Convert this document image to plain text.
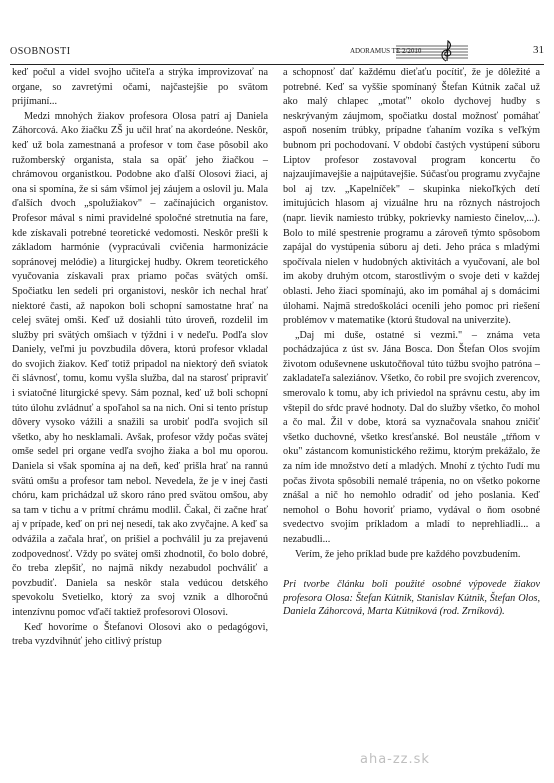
OSOBNOSTI	ADORAMUS TE 2/2010	31

keď počul a videl svojho učiteľa a strýka improvizovať na organe, so zavretými očami, najčastejšie po svätom prijímaní...

Medzi mnohých žiakov profesora Olosa patrí aj Daniela Záhorcová. Ako žiačku ZŠ ju učil hrať na akordeóne. Neskôr, keď už bola zamestnaná a profesor v tom čase pôsobil ako ružomberský organista, stala sa opäť jeho žiačkou – chrámovou organistkou. Podobne ako ďalší Olosovi žiaci, aj ona si spomína, že si sám všímol jej záujem a oslovil ju. Mala ďalších dvoch „spolužiakov" – začínajúcich organistov. Profesor mával s nimi pravidelné spoločné stretnutia na fare, kde získavali potrebné teoretické vedomosti. Neskôr prešli k základom harmónie (vypracúvali cvičenia harmonizácie sopránovej melódie) a liturgickej hudby. Okrem teoretického vyučovania získavali prax priamo počas svätých omší. Spočiatku len sedeli pri organistovi, neskôr ich nechal hrať niektoré časti, až napokon boli schopní samostatne hrať na celej svätej omši. Keď už dosiahli túto úroveň, rozdelil im služby pri svätých omšiach v týždni i v nedeľu. Podľa slov Daniely, veľmi ju povzbudila dôvera, ktorú profesor vkladal do svojich žiakov. Keď totiž pripadol na niektorý deň sviatok či slávnosť, tomu, komu vyšla služba, dal na starosť pripraviť i sviatočné liturgické spevy. Sám poznal, keď už boli schopní túto úlohu zvládnuť a spoľahol sa na nich. Oni si tento prístup dôvery vysoko vážili a snažili sa urobiť podľa svojich síl všetko, aby ho nesklamali. Avšak, profesor vždy počas svätej omše sedel pri organe vedľa svojho žiaka a bol mu oporou. Daniela si však spomína aj na deň, keď prišla hrať na rannú svätú omšu a profesor tam nebol. Nevedela, že je v inej časti chóru, kam prichádzal už skoro ráno pred svätou omšou, aby sa tam v tichu a v prítmí chrámu modlil. Čakal, či začne hrať aj v prípade, keď on pri nej nesedí, tak ako zvyčajne. A keď sa odvážila a začala hrať, on prišiel a pochválil ju za prejavenú zodpovednosť. Vždy po svätej omši zhodnotil, čo bolo dobré, čo treba zlepšiť, no najmä nikdy nezabudol pochváliť a povzbudiť. Daniela sa neskôr stala vedúcou detského spevokolu Svetielko, ktorý za svoj vznik a dlhoročnú intenzívnu pomoc vďačí taktiež profesorovi Olosovi.

Keď hovoríme o Štefanovi Olosovi ako o pedagógovi, treba vyzdvihnúť jeho citlivý prístup

a schopnosť dať každému dieťaťu pocítiť, že je dôležité a potrebné. Keď sa vyššie spomínaný Štefan Kútnik začal už ako malý chlapec „motať" okolo dychovej hudby s neskrývaným záujmom, spočiatku dostal možnosť pomáhať aspoň nosením trúbky, prípadne ťahaním vozíka s veľkým bubnom pri pochodovaní. V období častých vystúpení súboru Liptov profesor zostavoval program koncertu čo najzaujímavejšie a najpútavejšie. Súčasťou programu zvyčajne bol aj tzv. „Kapelníček" – skupinka niekoľkých detí imitujúcich hlasom aj vizuálne hru na rôznych nástrojoch (napr. lievik namiesto trúbky, pokrievky namiesto činelov,...). Bolo to milé spestrenie programu a zároveň týmto spôsobom zapájal do vystúpenia súboru aj deti. Jeho práca s mladými spočívala nielen v hudobných aktivitách a vyučovaní, ale bol im akoby druhým otcom, starostlivým o svoje deti v každej oblasti. Jeho žiaci spomínajú, ako im pomáhal aj s domácimi úlohami. Najmä stredoškoláci ocenili jeho pomoc pri riešení problémov v matematike (ktorú študoval na univerzite).

„Daj mi duše, ostatné si vezmi." – známa veta pochádzajúca z úst sv. Jána Bosca. Don Štefan Olos svojím životom oduševnene uskutočňoval túto túžbu svojho patróna – zakladateľa saleziánov. Všetko, čo robil pre svojich zverencov, smerovalo k tomu, aby ich priviedol na správnu cestu, aby im vštepil do sŕdc pravé hodnoty. Dal do služby všetko, čo mohol a čo mal. Žil v dobe, ktorá sa vyznačovala snahou zničiť všetko duchovné, všetko kresťanské. Bol neustále „tŕňom v oku" zástancom komunistického režimu, ktorým prekážalo, že za ním ide množstvo detí a mladých. Mnohí z týchto ľudí mu počas života spôsobili nemalé trápenia, no on všetko pokorne znášal a nič ho nemohlo odradiť od jeho poslania. Keď nemohol o Bohu hovoriť priamo, vydával o ňom osobné svedectvo svojím príkladom a mladí to neprehliadli... a nezabudli...

Verím, že jeho príklad bude pre každého povzbudením.

Pri tvorbe článku boli použité osobné výpovede žiakov profesora Olosa: Štefan Kútnik, Stanislav Kútnik, Štefan Olos, Daniela Záhorcová, Marta Kútniková (rod. Zrníková).

aha-zz.sk
